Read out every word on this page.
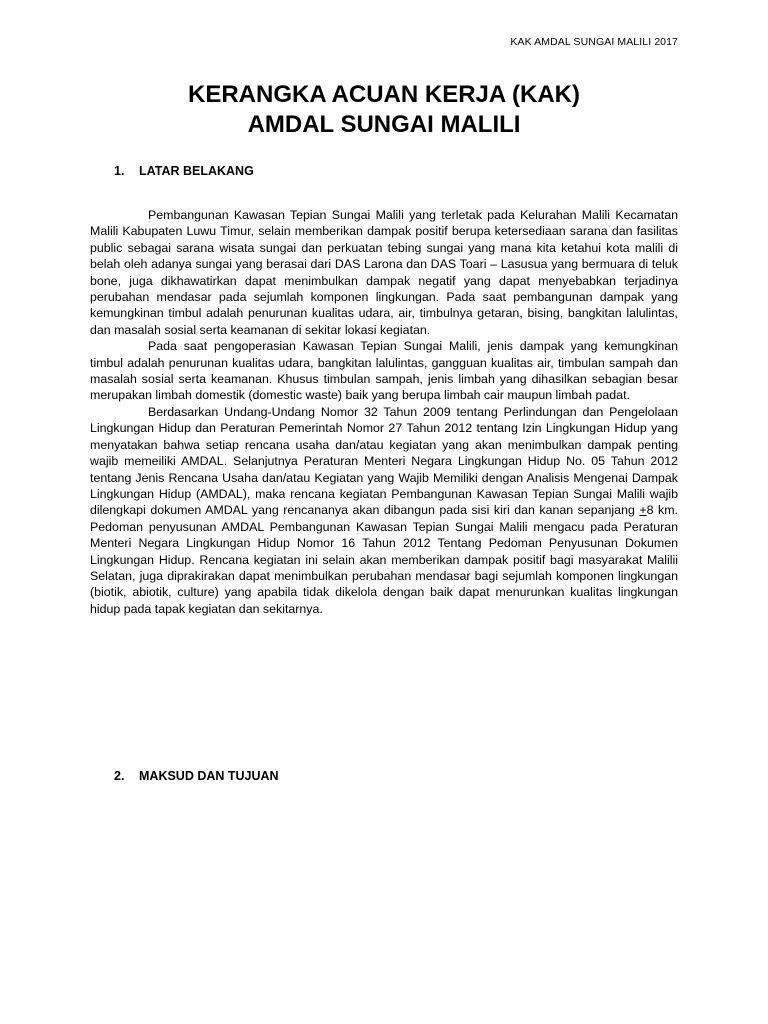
KAK AMDAL SUNGAI MALILI 2017
KERANGKA ACUAN KERJA (KAK)
AMDAL SUNGAI MALILI
1. LATAR BELAKANG

Pembangunan Kawasan Tepian Sungai Malili yang terletak pada Kelurahan Malili Kecamatan Malili Kabupaten Luwu Timur, selain memberikan dampak positif berupa ketersediaan sarana dan fasilitas public sebagai sarana wisata sungai dan perkuatan tebing sungai yang mana kita ketahui kota malili di belah oleh adanya sungai yang berasai dari DAS Larona dan DAS Toari – Lasusua yang bermuara di teluk bone, juga dikhawatirkan dapat menimbulkan dampak negatif yang dapat menyebabkan terjadinya perubahan mendasar pada sejumlah komponen lingkungan. Pada saat pembangunan dampak yang kemungkinan timbul adalah penurunan kualitas udara, air, timbulnya getaran, bising, bangkitan lalulintas, dan masalah sosial serta keamanan di sekitar lokasi kegiatan.

Pada saat pengoperasian Kawasan Tepian Sungai Malili, jenis dampak yang kemungkinan timbul adalah penurunan kualitas udara, bangkitan lalulintas, gangguan kualitas air, timbulan sampah dan masalah sosial serta keamanan. Khusus timbulan sampah, jenis limbah yang dihasilkan sebagian besar merupakan limbah domestik (domestic waste) baik yang berupa limbah cair maupun limbah padat.

Berdasarkan Undang-Undang Nomor 32 Tahun 2009 tentang Perlindungan dan Pengelolaan Lingkungan Hidup dan Peraturan Pemerintah Nomor 27 Tahun 2012 tentang Izin Lingkungan Hidup yang menyatakan bahwa setiap rencana usaha dan/atau kegiatan yang akan menimbulkan dampak penting wajib memeiliki AMDAL. Selanjutnya Peraturan Menteri Negara Lingkungan Hidup No. 05 Tahun 2012 tentang Jenis Rencana Usaha dan/atau Kegiatan yang Wajib Memiliki dengan Analisis Mengenai Dampak Lingkungan Hidup (AMDAL), maka rencana kegiatan Pembangunan Kawasan Tepian Sungai Malili wajib dilengkapi dokumen AMDAL yang rencananya akan dibangun pada sisi kiri dan kanan sepanjang +8 km. Pedoman penyusunan AMDAL Pembangunan Kawasan Tepian Sungai Malili mengacu pada Peraturan Menteri Negara Lingkungan Hidup Nomor 16 Tahun 2012 Tentang Pedoman Penyusunan Dokumen Lingkungan Hidup. Rencana kegiatan ini selain akan memberikan dampak positif bagi masyarakat Malilii Selatan, juga diprakirakan dapat menimbulkan perubahan mendasar bagi sejumlah komponen lingkungan (biotik, abiotik, culture) yang apabila tidak dikelola dengan baik dapat menurunkan kualitas lingkungan hidup pada tapak kegiatan dan sekitarnya.

2. MAKSUD DAN TUJUAN
